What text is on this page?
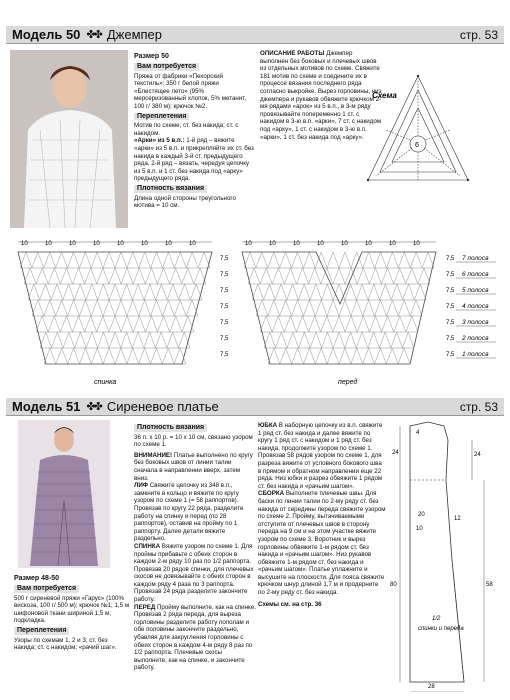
Модель 50 ✤✤ Джемпер	стр. 53
Размер 50
Вам потребуется
Пряжа от фабрики «Пехорский текстиль»: 350 г белой пряжи «Блестящее лето» (95% мерсеризованный хлопок, 5% метанит, 100 г/ 380 м); крючок №2.
Переплетения
Мотив по схеме; ст. без накида; ст. с накидом.
«Арки» из 5 в.п.: 1-й ряд – вяжите «арки» из 5 в.п. и прикрепляйте их ст. без накида в каждый 3-й ст. предыдущего ряда, 2-й ряд – вязать, чередуя цепочку из 5 в.п. и 1 ст. без накида под «арку» предыдущего ряда.
Плотность вязания
Длина одной стороны треугольного мотива = 10 см.
ОПИСАНИЕ РАБОТЫ Джемпер выполнен без боковых и плечевых швов из отдельных мотивов по схеме. Свяжите 181 мотив по схеме и соедините их в процессе вязания последнего ряда согласно выкройке. Вырез горловины, низ джемпера и рукавов обвяжите крючком 2-мя рядами «арок» из 5 в.п., в 3-м ряду провязывайте попеременно 1 ст. с накидом в 3-ю в.п. «арки», 7 ст. с накидом под «арку», 1 ст. с накидом в 3-ю в.п. «арки», 1 ст. без накида под «арку».
Схема
6
10	10	10	10	10	10	10	10	10	10	10	10	10	10	10	10
7,5
7,5
7,5
7,5
7,5
7,5
7,5
7,5
7,5
7,5
7,5
7,5
7,5
7,5
спинка	перед
7 полоса
6 полоса
5 полоса
4 полоса
3 полоса
2 полоса
1 полоса
Модель 51 ✤✤ Сиреневое платье	стр. 53
Размер 48-50
Вам потребуется
500 г сиреневой пряжи «Гарус» (100% вискоза, 100 г/ 500 м); крючок №1; 1,5 м шифоновой ткани шириной 1,5 м; подкладка.
Переплетения
Узоры по схемам 1, 2 и 3; ст. без накида; ст. с накидом; «рачий шаг».
Плотность вязания
36 п. х 10 р. = 10 х 10 см, связано узором по схеме 1.
ВНИМАНИЕ! Платье выполнено по кругу без боковых швов от линии талии сначала в направлении вверх, затем вниз.
ЛИФ Свяжите цепочку из 348 в.п., замкните в кольцо и вяжите по кругу узором по схеме 1 (= 58 раппортов). Провязав по кругу 22 ряда, разделите работу на спинку и перед (по 28 раппортов), оставив на пройму по 1 раппорту. Далее детали вяжите раздельно.
СПИНКА Вяжите узором по схеме 1. Для проймы прибавьте с обеих сторон в каждом 2-м ряду 10 раз по 1/2 раппорта. Провязав 20 рядов спинки, для плечевых скосов не довязывайте с обеих сторон в каждом ряду 4 раза по 3 раппорта. Провязав 24 ряда разделите закончите работу.
ПЕРЕД Пройму выполните, как на спинке. Провязав 2 ряда переда, для выреза горловины разделите работу пополам и обе половины закончите раздельно, убавляя для закругления горловины с обеих сторон в каждом 4-м ряду 8 раз по 1/2 раппорта. Плечевые скосы выполните, как на спинке, и закончите работу.
ЮБКА В наборную цепочку из в.п. свяжите 1 ряд ст. без накида и далее вяжите по кругу 1 ряд ст. с накидом и 1 ряд ст. без накида, продолжите узором по схеме 1. Провязав 58 рядов узором по схеме 1, для разреза вяжите от условного бокового шва в прямом и обратном направлении еще 22 ряда. Низ юбки и разрез обвяжите 1 рядом ст. без накида и «рачьим шагом».
СБОРКА Выполните плечевые швы. Для баски по линии талии по 2-му ряду ст. без накида от середины переда свяжите узором по схеме 2. Пройму, вытачиваемыми отступите от плечевых швов в сторону переда на 9 см и на этом участке вяжите узором по схеме 3. Воротник и вырез горловины обвяжите 1-м рядом ст. без накида и «рачьим шагом». Низ рукавов обвяжите 1-м рядом ст. без накида и «рачьим шагом». Платье уплажните и высушите на плоскости. Для пояса свяжите крючком шнур длиной 1,7 м и продерните по 2-му ряду ст. без накида.
Схемы см. на стр. 36
24
80
24
58
4
12
20
10
28
1/2
спинки и переда
